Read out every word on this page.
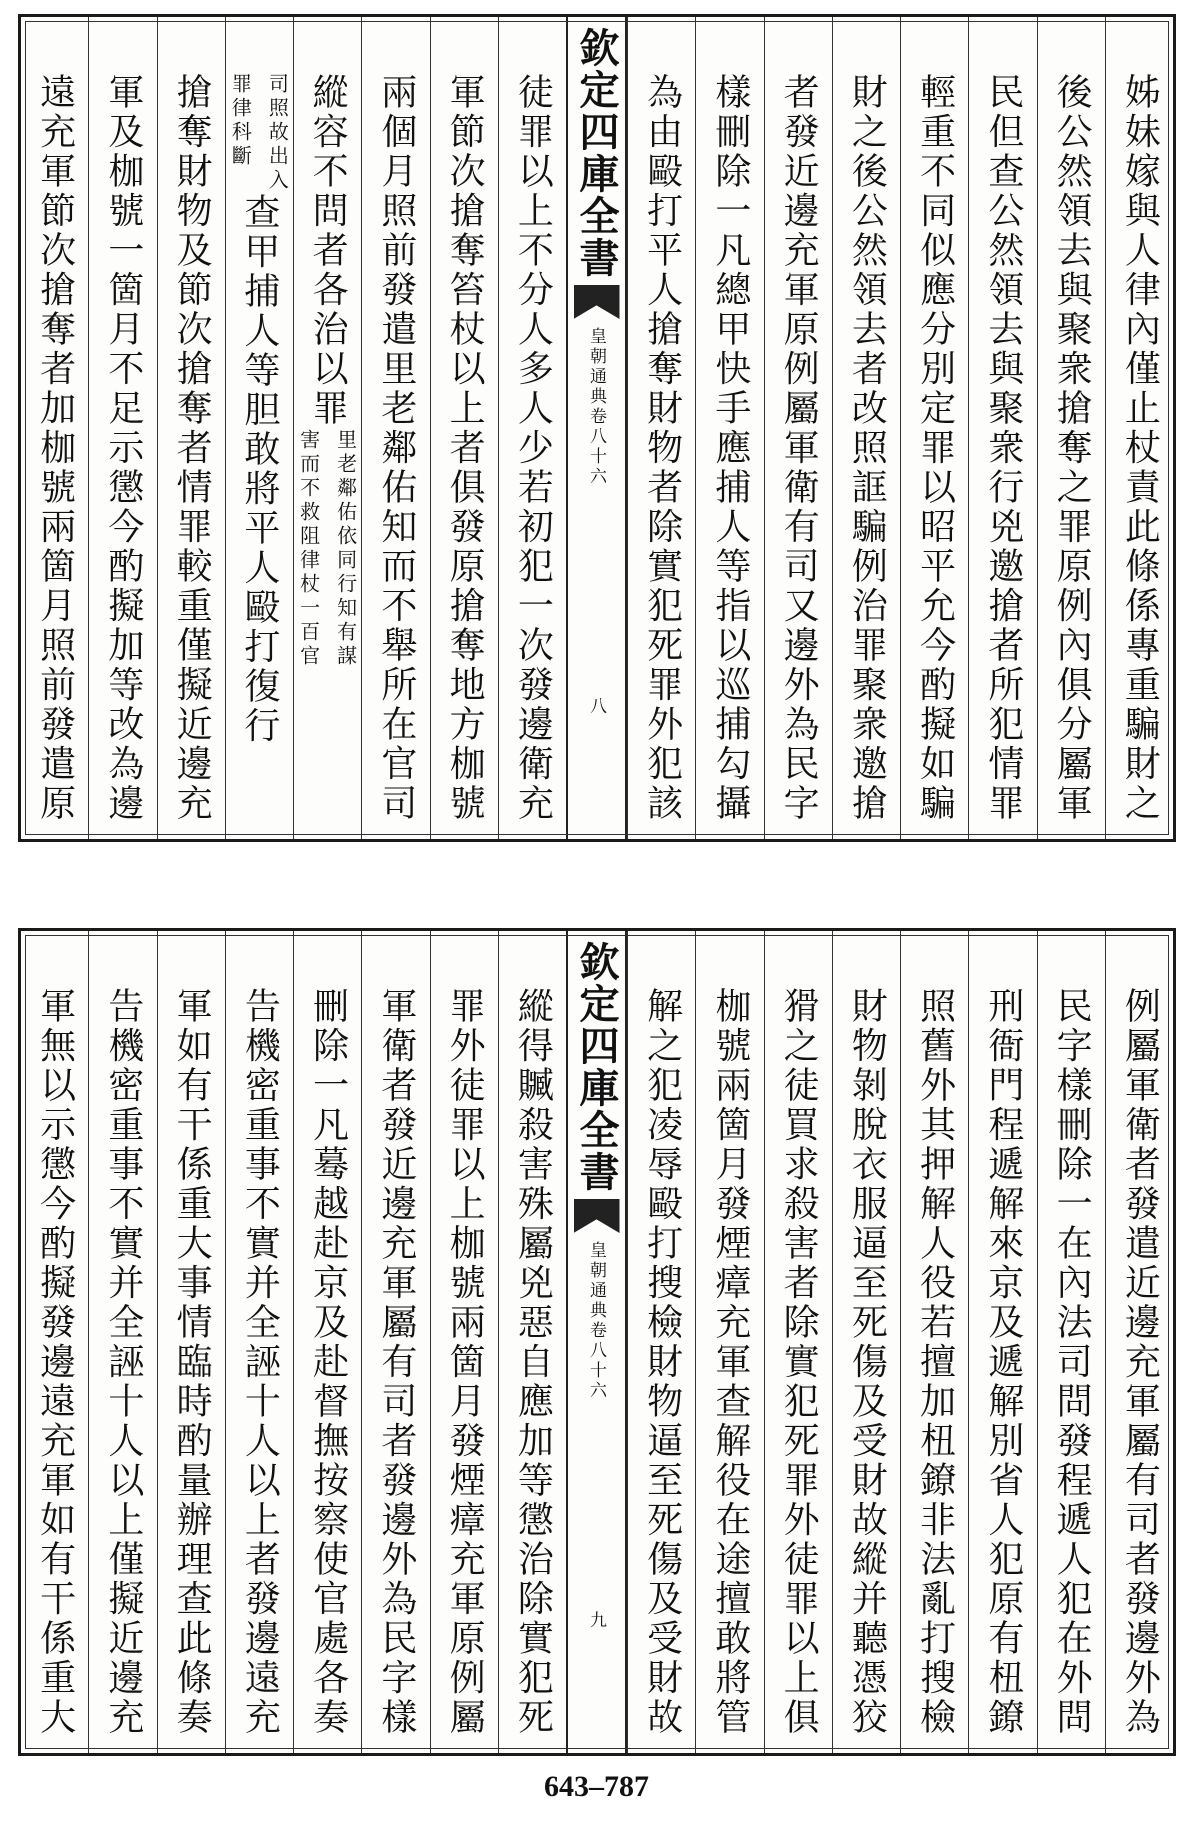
姊妹嫁與人律內僅止杖責此條係專重騙財之
後公然領去與聚衆搶奪之罪原例內俱分屬軍
民但查公然領去與聚衆行兇邀搶者所犯情罪
輕重不同似應分別定罪以昭平允今酌擬如騙
財之後公然領去者改照誆騙例治罪聚衆邀搶
者發近邊充軍原例屬軍衛有司又邊外為民字
樣刪除一凡總甲快手應捕人等指以巡捕勾攝
為由毆打平人搶奪財物者除實犯死罪外犯該
欽定四庫全書
皇朝通典
卷八十六
八
徒罪以上不分人多人少若初犯一次發邊衛充
軍節次搶奪笞杖以上者俱發原搶奪地方枷號
兩個月照前發遣里老鄰佑知而不舉所在官司
縱容不問者各治以罪
里老鄰佑依同行知有謀
害而不救阻律杖一百官
司照故出入
罪律科斷
查甲捕人等胆敢將平人毆打復行
搶奪財物及節次搶奪者情罪較重僅擬近邊充
軍及枷號一箇月不足示懲今酌擬加等改為邊
遠充軍節次搶奪者加枷號兩箇月照前發遣原
例屬軍衛者發遣近邊充軍屬有司者發邊外為
民字樣刪除一在內法司問發程遞人犯在外問
刑衙門程遞解來京及遞解別省人犯原有杻鐐
照舊外其押解人役若擅加杻鐐非法亂打搜檢
財物剝脫衣服逼至死傷及受財故縱并聽憑狡
猾之徒買求殺害者除實犯死罪外徒罪以上俱
枷號兩箇月發煙瘴充軍查解役在途擅敢將管
解之犯凌辱毆打搜檢財物逼至死傷及受財故
欽定四庫全書
皇朝通典
卷八十六
九
縱得贓殺害殊屬兇惡自應加等懲治除實犯死
罪外徒罪以上枷號兩箇月發煙瘴充軍原例屬
軍衛者發近邊充軍屬有司者發邊外為民字樣
刪除一凡蓦越赴京及赴督撫按察使官處各奏
告機密重事不實并全誣十人以上者發邊遠充
軍如有干係重大事情臨時酌量辦理查此條奏
告機密重事不實并全誣十人以上僅擬近邊充
軍無以示懲今酌擬發邊遠充軍如有干係重大
643–787
